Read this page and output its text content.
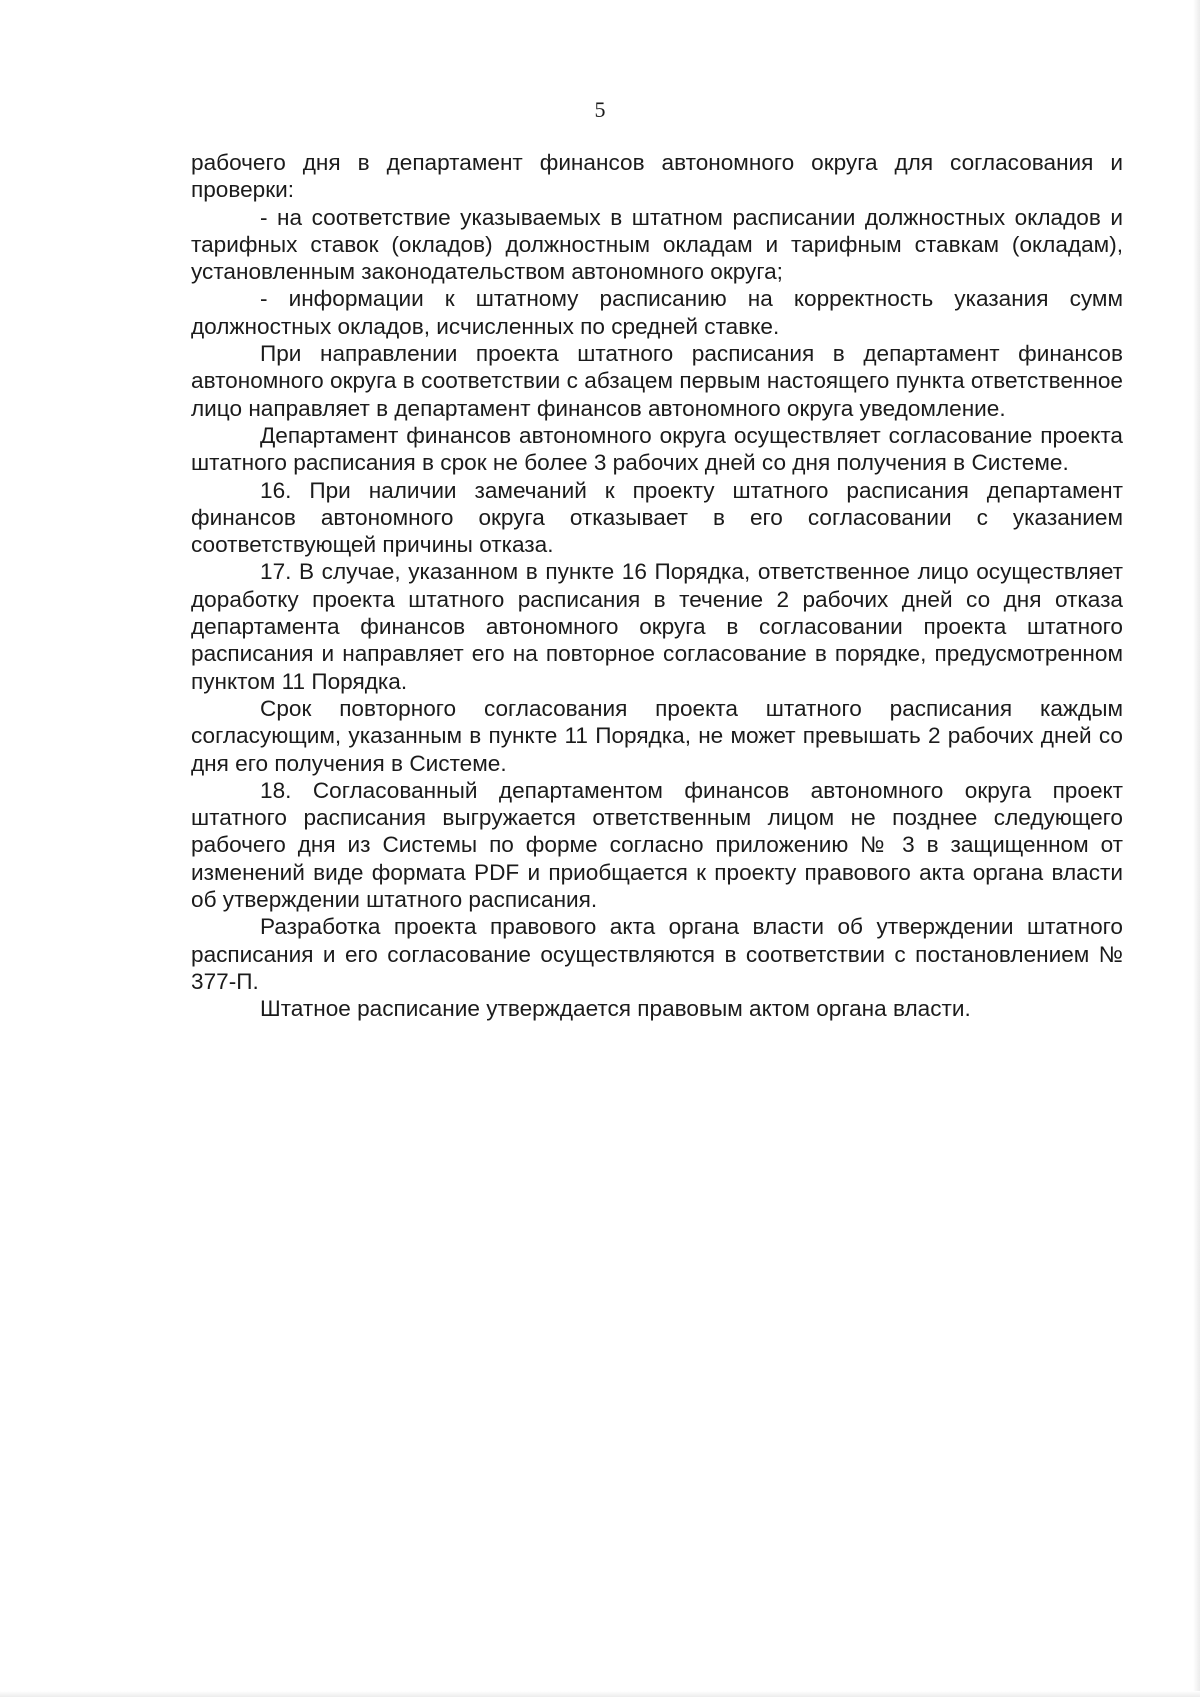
5

рабочего дня в департамент финансов автономного округа для согласования и проверки:

- на соответствие указываемых в штатном расписании должностных окладов и тарифных ставок (окладов) должностным окладам и тарифным ставкам (окладам), установленным законодательством автономного округа;

- информации к штатному расписанию на корректность указания сумм должностных окладов, исчисленных по средней ставке.

При направлении проекта штатного расписания в департамент финансов автономного округа в соответствии с абзацем первым настоящего пункта ответственное лицо направляет в департамент финансов автономного округа уведомление.

Департамент финансов автономного округа осуществляет согласование проекта штатного расписания в срок не более 3 рабочих дней со дня получения в Системе.

16. При наличии замечаний к проекту штатного расписания департамент финансов автономного округа отказывает в его согласовании с указанием соответствующей причины отказа.

17. В случае, указанном в пункте 16 Порядка, ответственное лицо осуществляет доработку проекта штатного расписания в течение 2 рабочих дней со дня отказа департамента финансов автономного округа в согласовании проекта штатного расписания и направляет его на повторное согласование в порядке, предусмотренном пунктом 11 Порядка.

Срок повторного согласования проекта штатного расписания каждым согласующим, указанным в пункте 11 Порядка, не может превышать 2 рабочих дней со дня его получения в Системе.

18. Согласованный департаментом финансов автономного округа проект штатного расписания выгружается ответственным лицом не позднее следующего рабочего дня из Системы по форме согласно приложению № 3 в защищенном от изменений виде формата PDF и приобщается к проекту правового акта органа власти об утверждении штатного расписания.

Разработка проекта правового акта органа власти об утверждении штатного расписания и его согласование осуществляются в соответствии с постановлением № 377-П.

Штатное расписание утверждается правовым актом органа власти.
